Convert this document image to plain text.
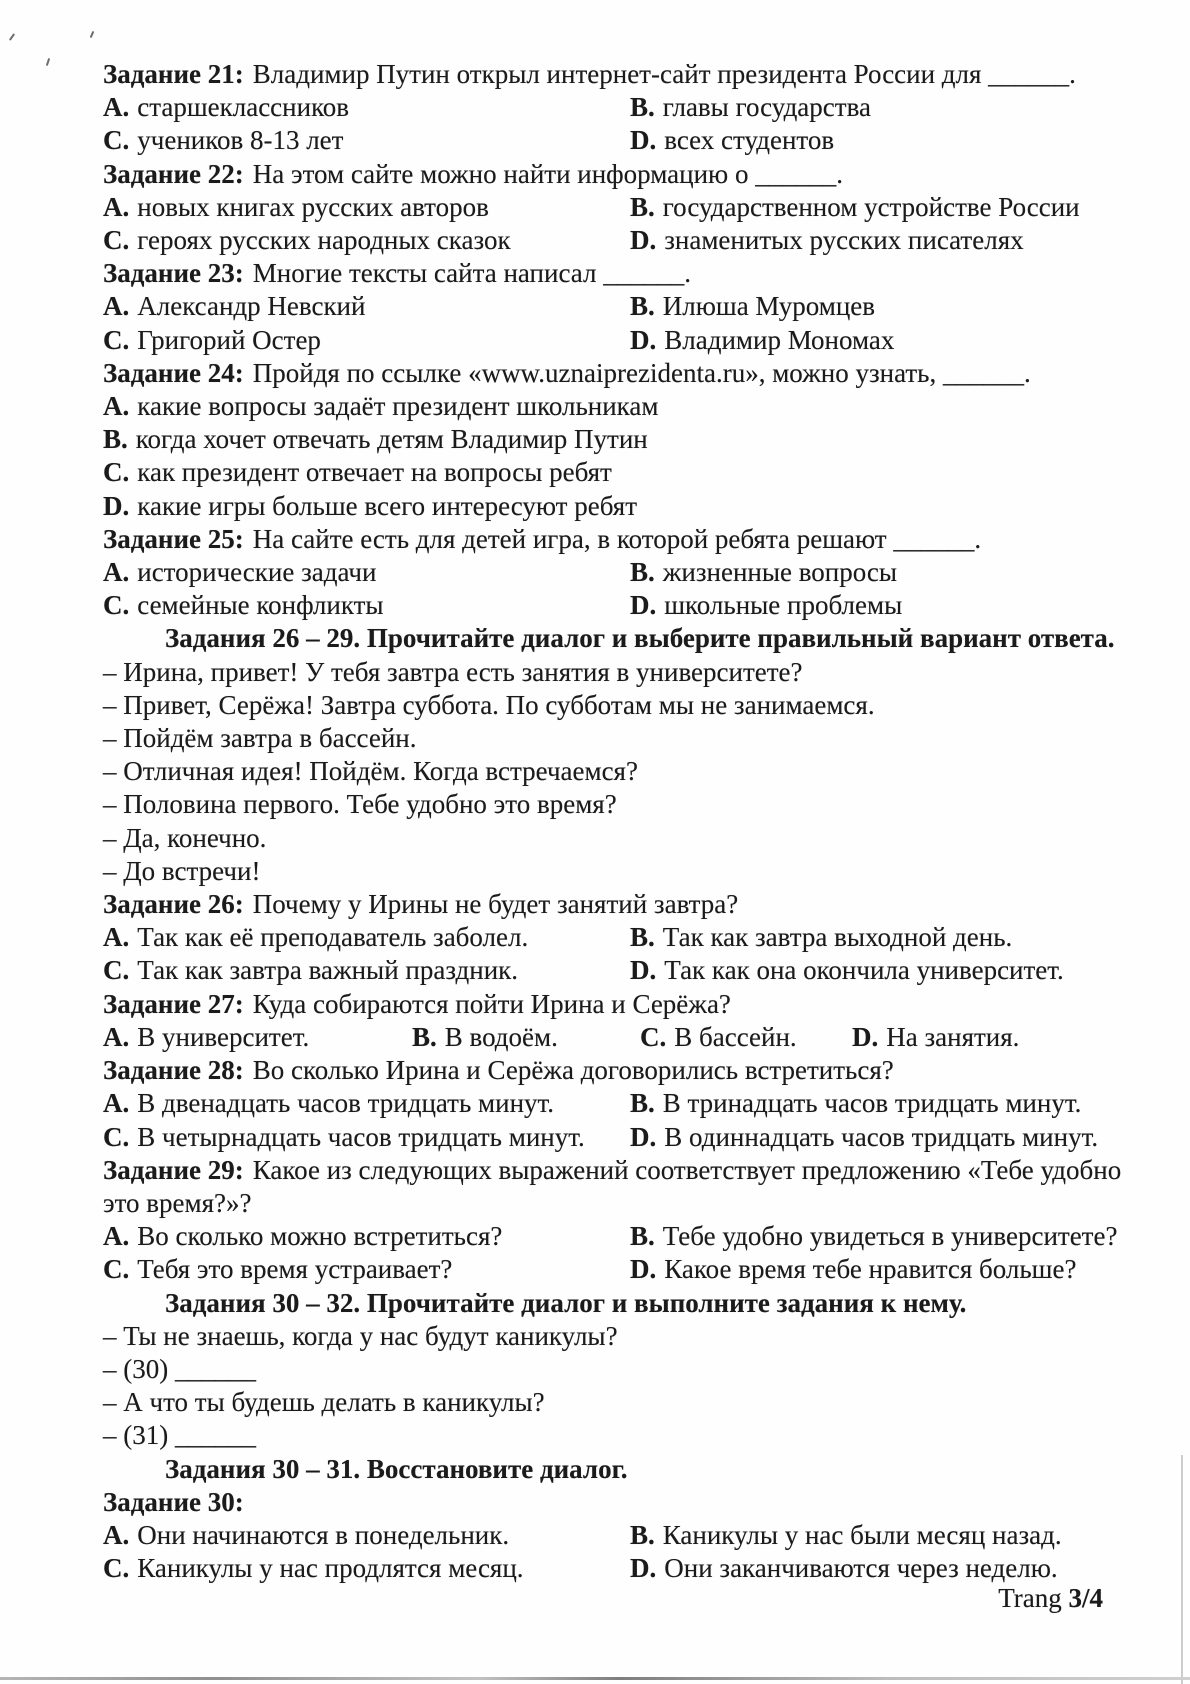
Задание 21: Владимир Путин открыл интернет-сайт президента России для ______.
A. старшеклассников	B. главы государства
C. учеников 8-13 лет	D. всех студентов
Задание 22: На этом сайте можно найти информацию о ______.
A. новых книгах русских авторов	B. государственном устройстве России
C. героях русских народных сказок	D. знаменитых русских писателях
Задание 23: Многие тексты сайта написал ______.
A. Александр Невский	B. Илюша Муромцев
C. Григорий Остер	D. Владимир Мономах
Задание 24: Пройдя по ссылке «www.uznaiprezidenta.ru», можно узнать, ______.
A. какие вопросы задаёт президент школьникам
B. когда хочет отвечать детям Владимир Путин
C. как президент отвечает на вопросы ребят
D. какие игры больше всего интересуют ребят
Задание 25: На сайте есть для детей игра, в которой ребята решают ______.
A. исторические задачи	B. жизненные вопросы
C. семейные конфликты	D. школьные проблемы
Задания 26 – 29. Прочитайте диалог и выберите правильный вариант ответа.
– Ирина, привет! У тебя завтра есть занятия в университете?
– Привет, Серёжа! Завтра суббота. По субботам мы не занимаемся.
– Пойдём завтра в бассейн.
– Отличная идея! Пойдём. Когда встречаемся?
– Половина первого. Тебе удобно это время?
– Да, конечно.
– До встречи!
Задание 26: Почему у Ирины не будет занятий завтра?
A. Так как её преподаватель заболел.	B. Так как завтра выходной день.
C. Так как завтра важный праздник.	D. Так как она окончила университет.
Задание 27: Куда собираются пойти Ирина и Серёжа?
A. В университет.	B. В водоём.	C. В бассейн.	D. На занятия.
Задание 28: Во сколько Ирина и Серёжа договорились встретиться?
A. В двенадцать часов тридцать минут.	B. В тринадцать часов тридцать минут.
C. В четырнадцать часов тридцать минут.	D. В одиннадцать часов тридцать минут.
Задание 29: Какое из следующих выражений соответствует предложению «Тебе удобно это время?»?
A. Во сколько можно встретиться?	B. Тебе удобно увидеться в университете?
C. Тебя это время устраивает?	D. Какое время тебе нравится больше?
Задания 30 – 32. Прочитайте диалог и выполните задания к нему.
– Ты не знаешь, когда у нас будут каникулы?
– (30) ______
– А что ты будешь делать в каникулы?
– (31) ______
Задания 30 – 31. Восстановите диалог.
Задание 30:
A. Они начинаются в понедельник.	B. Каникулы у нас были месяц назад.
C. Каникулы у нас продлятся месяц.	D. Они заканчиваются через неделю.
Trang 3/4
